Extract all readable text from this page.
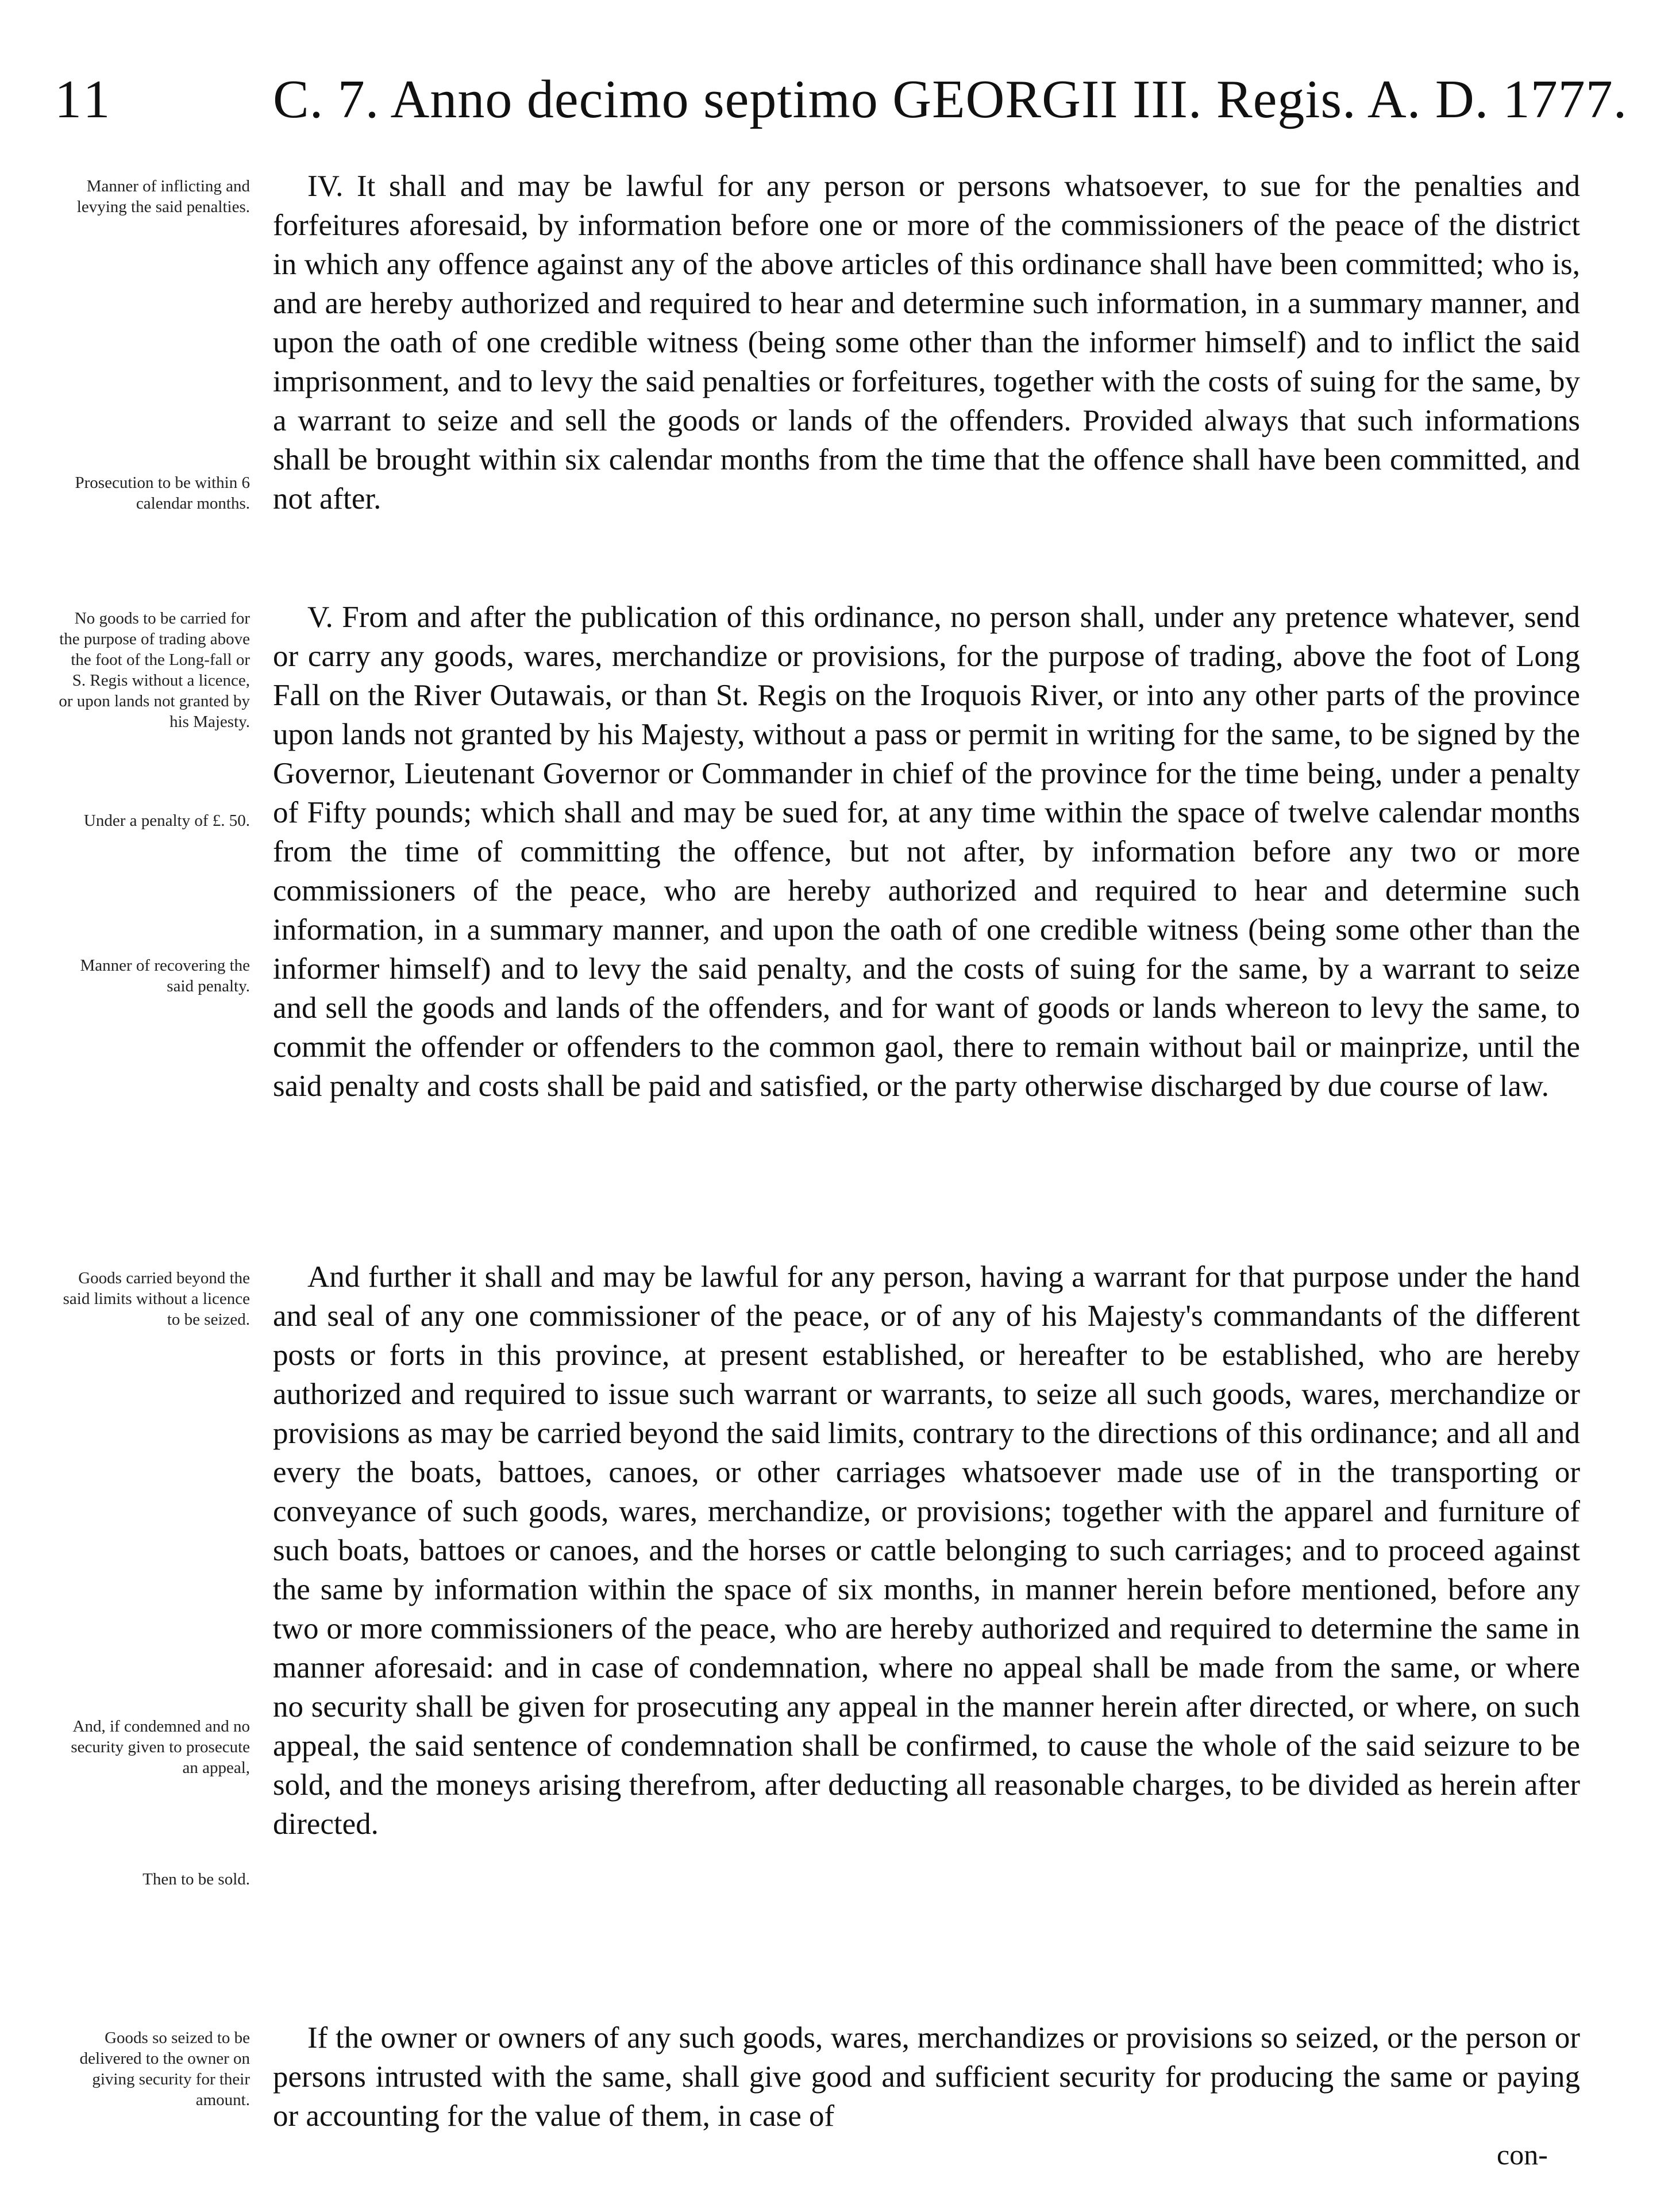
11	C. 7. Anno decimo septimo GEORGII III. Regis. A. D. 1777.
Manner of inflicting and levying the said penalties.
Prosecution to be within 6 calendar months.

IV. It shall and may be lawful for any person or persons whatsoever, to sue for the penalties and forfeitures aforesaid, by information before one or more of the commissioners of the peace of the district in which any offence against any of the above articles of this ordinance shall have been committed; who is, and are hereby authorized and required to hear and determine such information, in a summary manner, and upon the oath of one credible witness (being some other than the informer himself) and to inflict the said imprisonment, and to levy the said penalties or forfeitures, together with the costs of suing for the same, by a warrant to seize and sell the goods or lands of the offenders. Provided always that such informations shall be brought within six calendar months from the time that the offence shall have been committed, and not after.

No goods to be carried for the purpose of trading above the foot of the Long-fall or S. Regis without a licence, or upon lands not granted by his Majesty.
Under a penalty of £. 50.
Manner of recovering the said penalty.

V. From and after the publication of this ordinance, no person shall, under any pretence whatever, send or carry any goods, wares, merchandize or provisions, for the purpose of trading, above the foot of Long Fall on the River Outawais, or than St. Regis on the Iroquois River, or into any other parts of the province upon lands not granted by his Majesty, without a pass or permit in writing for the same, to be signed by the Governor, Lieutenant Governor or Commander in chief of the province for the time being, under a penalty of Fifty pounds; which shall and may be sued for, at any time within the space of twelve calendar months from the time of committing the offence, but not after, by information before any two or more commissioners of the peace, who are hereby authorized and required to hear and determine such information, in a summary manner, and upon the oath of one credible witness (being some other than the informer himself) and to levy the said penalty, and the costs of suing for the same, by a warrant to seize and sell the goods and lands of the offenders, and for want of goods or lands whereon to levy the same, to commit the offender or offenders to the common gaol, there to remain without bail or mainprize, until the said penalty and costs shall be paid and satisfied, or the party otherwise discharged by due course of law.

Goods carried beyond the said limits without a licence to be seized.
And, if condemned and no security given to prosecute an appeal,
Then to be sold.

And further it shall and may be lawful for any person, having a warrant for that purpose under the hand and seal of any one commissioner of the peace, or of any of his Majesty's commandants of the different posts or forts in this province, at present established, or hereafter to be established, who are hereby authorized and required to issue such warrant or warrants, to seize all such goods, wares, merchandize or provisions as may be carried beyond the said limits, contrary to the directions of this ordinance; and all and every the boats, battoes, canoes, or other carriages whatsoever made use of in the transporting or conveyance of such goods, wares, merchandize, or provisions; together with the apparel and furniture of such boats, battoes or canoes, and the horses or cattle belonging to such carriages; and to proceed against the same by information within the space of six months, in manner herein before mentioned, before any two or more commissioners of the peace, who are hereby authorized and required to determine the same in manner aforesaid: and in case of condemnation, where no appeal shall be made from the same, or where no security shall be given for prosecuting any appeal in the manner herein after directed, or where, on such appeal, the said sentence of condemnation shall be confirmed, to cause the whole of the said seizure to be sold, and the moneys arising therefrom, after deducting all reasonable charges, to be divided as herein after directed.

Goods so seized to be delivered to the owner on giving security for their amount.

If the owner or owners of any such goods, wares, merchandizes or provisions so seized, or the person or persons intrusted with the same, shall give good and sufficient security for producing the same or paying or accounting for the value of them, in case of

con-
